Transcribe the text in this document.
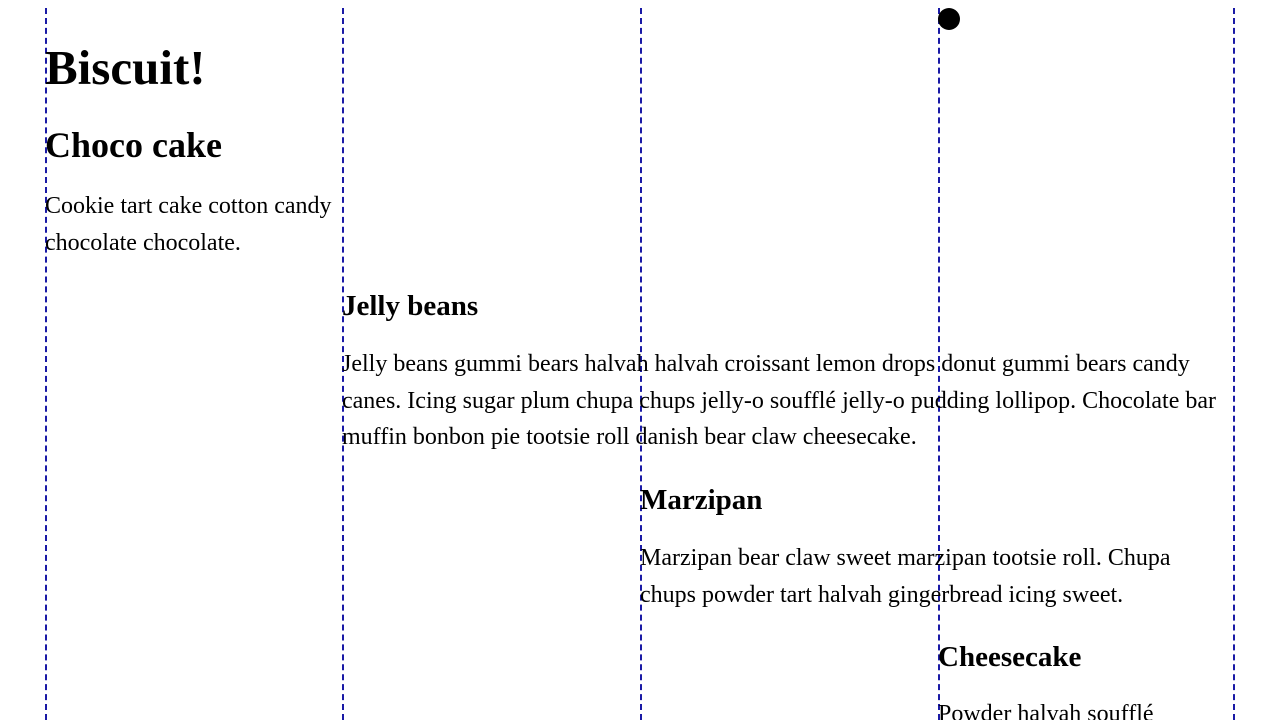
Biscuit!
Choco cake

Cookie tart cake cotton candy chocolate chocolate.

Jelly beans

Jelly beans gummi bears halvah halvah croissant lemon drops donut gummi bears candy canes. Icing sugar plum chupa chups jelly-o soufflé jelly-o pudding lollipop. Chocolate bar muffin bonbon pie tootsie roll danish bear claw cheesecake.

Marzipan

Marzipan bear claw sweet marzipan tootsie roll. Chupa chups powder tart halvah gingerbread icing sweet.

Cheesecake

Powder halvah soufflé
